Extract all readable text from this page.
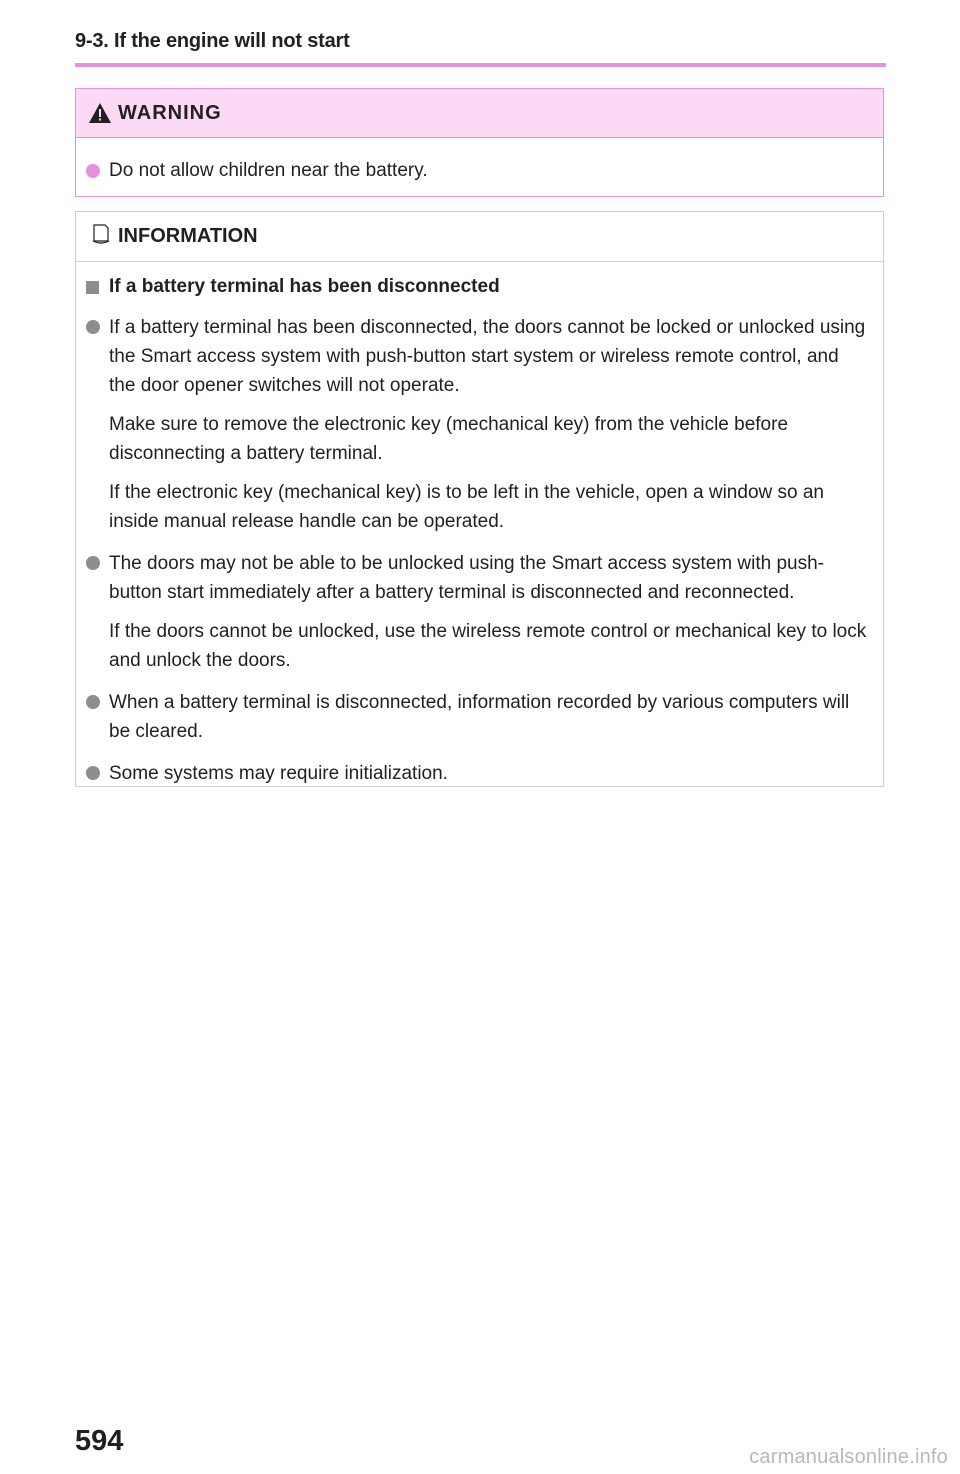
9-3. If the engine will not start
WARNING
Do not allow children near the battery.
INFORMATION
If a battery terminal has been disconnected

If a battery terminal has been disconnected, the doors cannot be locked or unlocked using the Smart access system with push-button start system or wireless remote control, and the door opener switches will not operate.

Make sure to remove the electronic key (mechanical key) from the vehicle before disconnecting a battery terminal.

If the electronic key (mechanical key) is to be left in the vehicle, open a window so an inside manual release handle can be operated.

The doors may not be able to be unlocked using the Smart access system with push-button start immediately after a battery terminal is disconnected and reconnected.

If the doors cannot be unlocked, use the wireless remote control or mechanical key to lock and unlock the doors.

When a battery terminal is disconnected, information recorded by various computers will be cleared.

Some systems may require initialization.

594	carmanualsonline.info
